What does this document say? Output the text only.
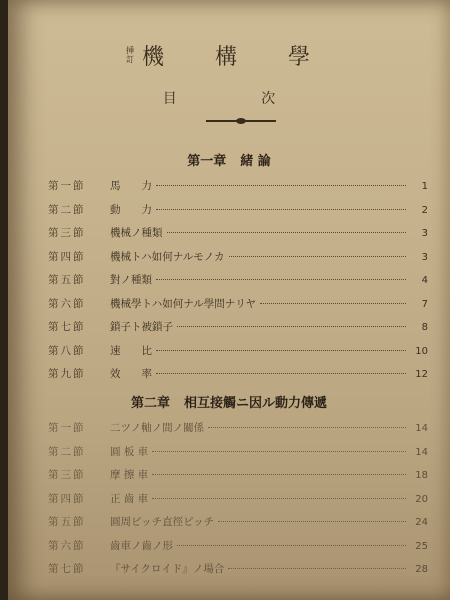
挿
訂 機 構 學
目 次
第一章 緒 論
第一節	馬　　力	1
第二節	動　　力	2
第三節	機械ノ種類	3
第四節	機械トハ如何ナルモノカ	3
第五節	對ノ種類	4
第六節	機械學トハ如何ナル學問ナリヤ	7
第七節	鎖子ト被鎖子	8
第八節	速　　比	10
第九節	效　　率	12
第二章 相互接觸ニ因ル動力傳遞
第一節	二ツノ軸ノ間ノ關係	14
第二節	圓 板 車	14
第三節	摩 擦 車	18
第四節	正 齒 車	20
第五節	圓周ピッチ直徑ピッチ	24
第六節	齒車ノ齒ノ形	25
第七節	『サイクロイド』ノ場合	28
